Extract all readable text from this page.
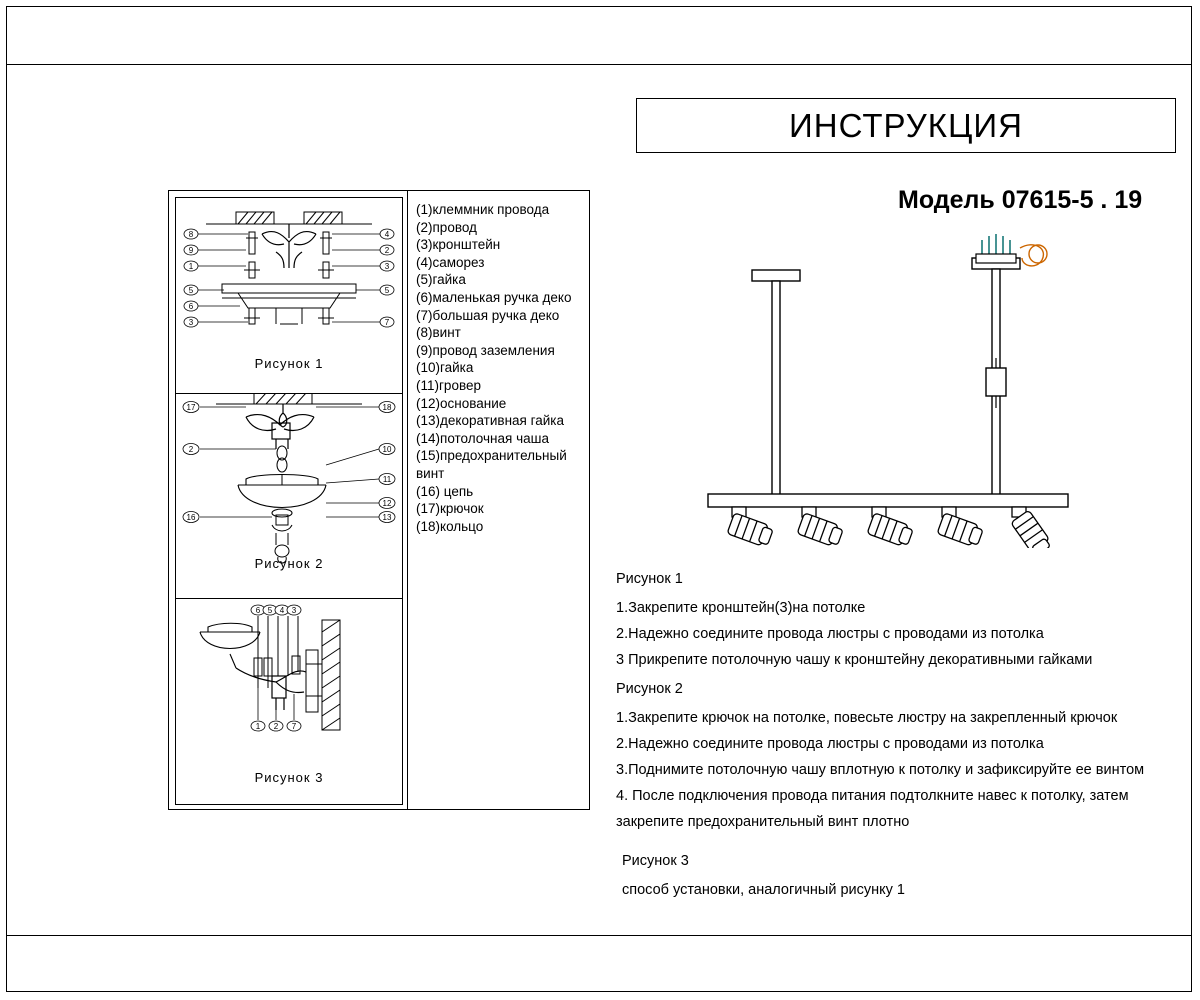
ИНСТРУКЦИЯ
Модель 07615-5 . 19
8
9
1
5
6
3
4
2
3
5
7
Рисунок 1
17
2
16
18
10
11
12
13
Рисунок 2
6 5 4 3
1 2 7
Рисунок 3
(1)клеммник провода
(2)провод
(3)кронштейн
(4)саморез
(5)гайка
(6)маленькая ручка деко
(7)большая ручка деко
(8)винт
(9)провод заземления
(10)гайка
(11)гровер
(12)основание
(13)декоративная гайка
(14)потолочная чаша
(15)предохранительный винт
(16) цепь
(17)крючок
(18)кольцо

Рисунок 1

1.Закрепите кронштейн(3)на потолке

2.Надежно соедините провода люстры с проводами из потолка

3 Прикрепите потолочную чашу к кронштейну декоративными гайками

Рисунок 2

1.Закрепите крючок на потолке, повесьте люстру на закрепленный крючок

2.Надежно соедините провода люстры с проводами из потолка

3.Поднимите потолочную чашу вплотную к потолку и зафиксируйте ее винтом

4. После подключения провода питания подтолкните навес к потолку, затем закрепите предохранительный винт плотно

Рисунок 3

способ установки, аналогичный рисунку 1
